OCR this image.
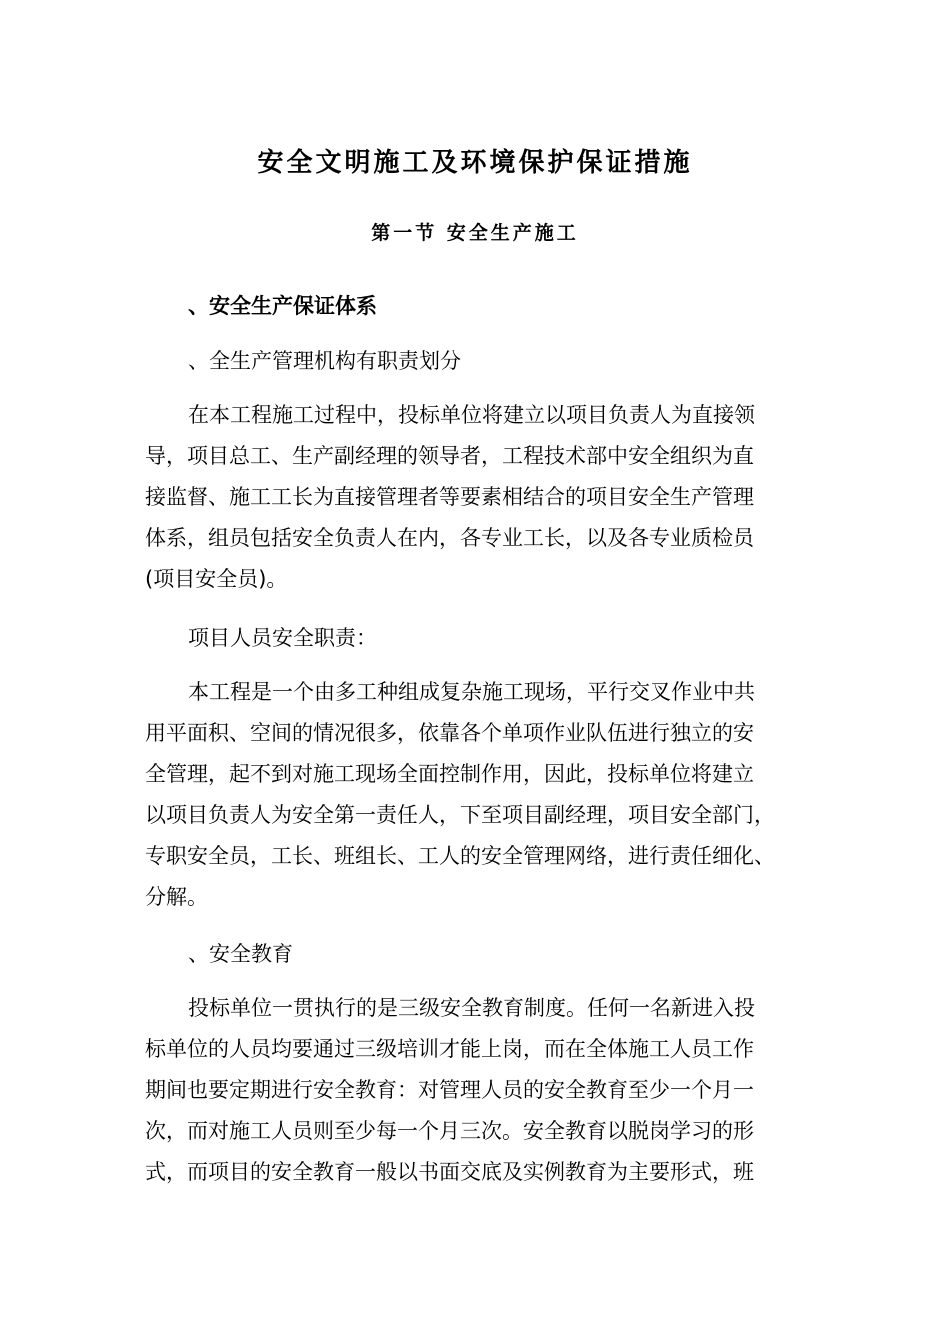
安全文明施工及环境保护保证措施
第一节 安全生产施工
、安全生产保证体系
、全生产管理机构有职责划分
在本工程施工过程中，投标单位将建立以项目负责人为直接领
导，项目总工、生产副经理的领导者，工程技术部中安全组织为直
接监督、施工工长为直接管理者等要素相结合的项目安全生产管理
体系，组员包括安全负责人在内，各专业工长，以及各专业质检员
(项目安全员)。
项目人员安全职责：
本工程是一个由多工种组成复杂施工现场，平行交叉作业中共
用平面积、空间的情况很多，依靠各个单项作业队伍进行独立的安
全管理，起不到对施工现场全面控制作用，因此，投标单位将建立
以项目负责人为安全第一责任人，下至项目副经理，项目安全部门，
专职安全员，工长、班组长、工人的安全管理网络，进行责任细化、
分解。
、安全教育
投标单位一贯执行的是三级安全教育制度。任何一名新进入投
标单位的人员均要通过三级培训才能上岗，而在全体施工人员工作
期间也要定期进行安全教育：对管理人员的安全教育至少一个月一
次，而对施工人员则至少每一个月三次。安全教育以脱岗学习的形
式，而项目的安全教育一般以书面交底及实例教育为主要形式，班
